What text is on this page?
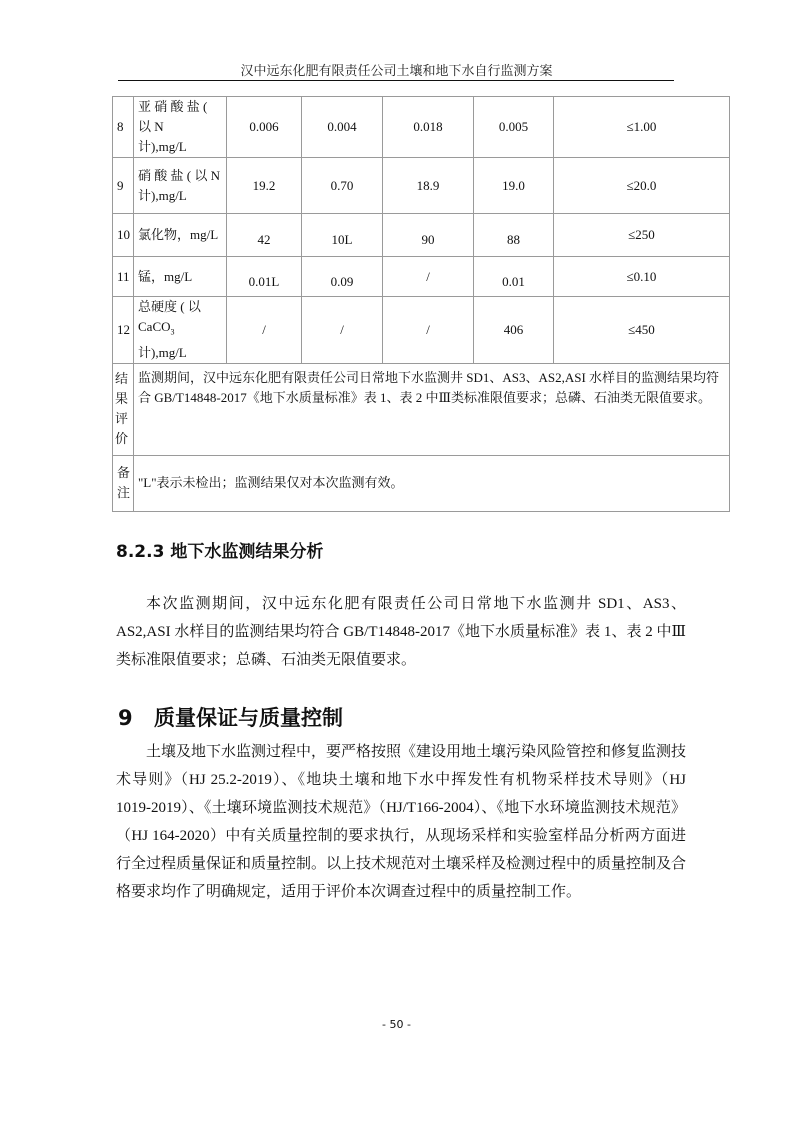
汉中远东化肥有限责任公司土壤和地下水自行监测方案
8	亚 硝 酸 盐 ( 以 N
计),mg/L	0.006	0.004	0.018	0.005	≤1.00
9	硝 酸 盐 ( 以 N
计),mg/L	19.2	0.70	18.9	19.0	≤20.0
10	氯化物，mg/L	42	10L	90	88	≤250
11	锰，mg/L	0.01L	0.09	/	0.01	≤0.10
12	总硬度 ( 以 CaCO$_3$
计),mg/L	/	/	/	406	≤450
结
果
评
价	监测期间，汉中远东化肥有限责任公司日常地下水监测井 SD1、AS3、AS2,ASI 水样目的监测结果均符合 GB/T14848-2017《地下水质量标准》表 1、表 2 中Ⅲ类标准限值要求；总磷、石油类无限值要求。					
备
注	"L"表示未检出；监测结果仅对本次监测有效。					
8.2.3 地下水监测结果分析

本次监测期间，汉中远东化肥有限责任公司日常地下水监测井 SD1、AS3、AS2,ASI 水样目的监测结果均符合 GB/T14848-2017《地下水质量标准》表 1、表 2 中Ⅲ类标准限值要求；总磷、石油类无限值要求。

9 质量保证与质量控制

土壤及地下水监测过程中，要严格按照《建设用地土壤污染风险管控和修复监测技术导则》（HJ 25.2-2019）、《地块土壤和地下水中挥发性有机物采样技术导则》（HJ 1019-2019）、《土壤环境监测技术规范》（HJ/T166-2004）、《地下水环境监测技术规范》（HJ 164-2020）中有关质量控制的要求执行，从现场采样和实验室样品分析两方面进行全过程质量保证和质量控制。以上技术规范对土壤采样及检测过程中的质量控制及合格要求均作了明确规定，适用于评价本次调查过程中的质量控制工作。

- 50 -
